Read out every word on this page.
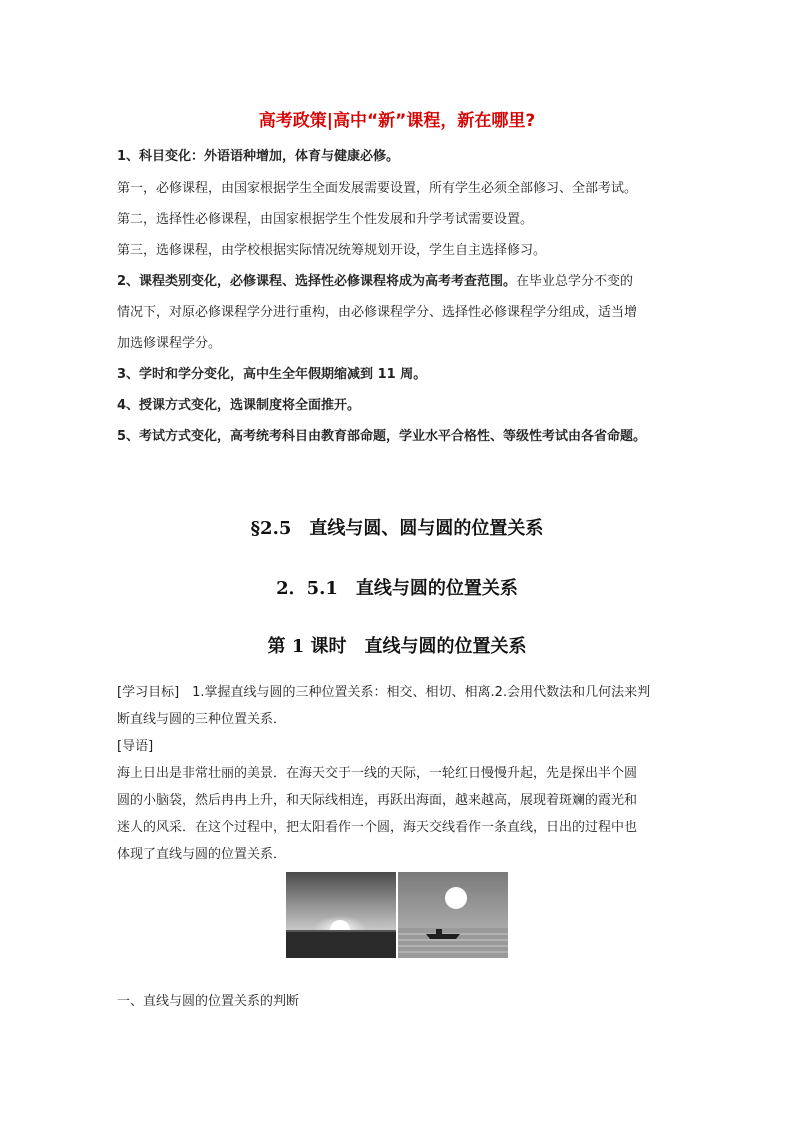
高考政策|高中“新”课程，新在哪里?
1、科目变化：外语语种增加，体育与健康必修。
第一，必修课程，由国家根据学生全面发展需要设置，所有学生必须全部修习、全部考试。
第二，选择性必修课程，由国家根据学生个性发展和升学考试需要设置。
第三，选修课程，由学校根据实际情况统筹规划开设，学生自主选择修习。
2、课程类别变化，必修课程、选择性必修课程将成为高考考查范围。在毕业总学分不变的
情况下，对原必修课程学分进行重构，由必修课程学分、选择性必修课程学分组成，适当增
加选修课程学分。
3、学时和学分变化，高中生全年假期缩减到 11 周。
4、授课方式变化，选课制度将全面推开。
5、考试方式变化，高考统考科目由教育部命题，学业水平合格性、等级性考试由各省命题。
§2.5　直线与圆、圆与圆的位置关系
2．5.1　直线与圆的位置关系
第 1 课时　直线与圆的位置关系
[学习目标]　1.掌握直线与圆的三种位置关系：相交、相切、相离.2.会用代数法和几何法来判
断直线与圆的三种位置关系．
[导语]
海上日出是非常壮丽的美景．在海天交于一线的天际，一轮红日慢慢升起，先是探出半个圆
圆的小脑袋，然后冉冉上升，和天际线相连，再跃出海面，越来越高，展现着斑斓的霞光和
迷人的风采．在这个过程中，把太阳看作一个圆，海天交线看作一条直线，日出的过程中也
体现了直线与圆的位置关系．
一、直线与圆的位置关系的判断
